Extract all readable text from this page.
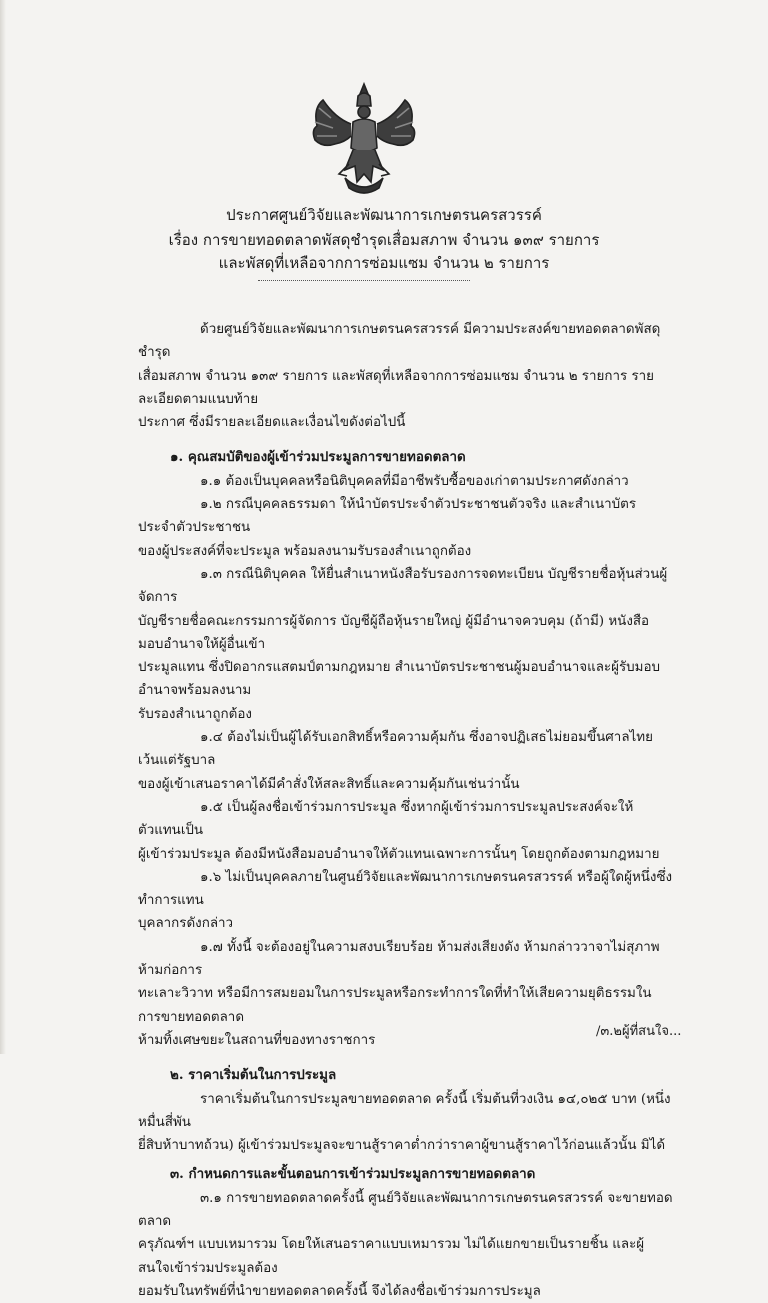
ประกาศศูนย์วิจัยและพัฒนาการเกษตรนครสวรรค์
เรื่อง การขายทอดตลาดพัสดุชำรุดเสื่อมสภาพ จำนวน ๑๓๙ รายการ
และพัสดุที่เหลือจากการซ่อมแซม จำนวน ๒ รายการ

ด้วยศูนย์วิจัยและพัฒนาการเกษตรนครสวรรค์ มีความประสงค์ขายทอดตลาดพัสดุชำรุด

เสื่อมสภาพ จำนวน ๑๓๙ รายการ และพัสดุที่เหลือจากการซ่อมแซม จำนวน ๒ รายการ รายละเอียดตามแนบท้าย

ประกาศ ซึ่งมีรายละเอียดและเงื่อนไขดังต่อไปนี้

๑. คุณสมบัติของผู้เข้าร่วมประมูลการขายทอดตลาด

๑.๑ ต้องเป็นบุคคลหรือนิติบุคคลที่มีอาชีพรับซื้อของเก่าตามประกาศดังกล่าว

๑.๒ กรณีบุคคลธรรมดา ให้นำบัตรประจำตัวประชาชนตัวจริง และสำเนาบัตรประจำตัวประชาชน

ของผู้ประสงค์ที่จะประมูล พร้อมลงนามรับรองสำเนาถูกต้อง

๑.๓ กรณีนิติบุคคล ให้ยื่นสำเนาหนังสือรับรองการจดทะเบียน บัญชีรายชื่อหุ้นส่วนผู้จัดการ

บัญชีรายชื่อคณะกรรมการผู้จัดการ บัญชีผู้ถือหุ้นรายใหญ่ ผู้มีอำนาจควบคุม (ถ้ามี) หนังสือมอบอำนาจให้ผู้อื่นเข้า

ประมูลแทน ซึ่งปิดอากรแสตมป์ตามกฎหมาย สำเนาบัตรประชาชนผู้มอบอำนาจและผู้รับมอบอำนาจพร้อมลงนาม

รับรองสำเนาถูกต้อง

๑.๔ ต้องไม่เป็นผู้ได้รับเอกสิทธิ์หรือความคุ้มกัน ซึ่งอาจปฏิเสธไม่ยอมขึ้นศาลไทย เว้นแต่รัฐบาล

ของผู้เข้าเสนอราคาได้มีคำสั่งให้สละสิทธิ์และความคุ้มกันเช่นว่านั้น

๑.๕ เป็นผู้ลงชื่อเข้าร่วมการประมูล ซึ่งหากผู้เข้าร่วมการประมูลประสงค์จะให้ตัวแทนเป็น

ผู้เข้าร่วมประมูล ต้องมีหนังสือมอบอำนาจให้ตัวแทนเฉพาะการนั้นๆ โดยถูกต้องตามกฎหมาย

๑.๖ ไม่เป็นบุคคลภายในศูนย์วิจัยและพัฒนาการเกษตรนครสวรรค์ หรือผู้ใดผู้หนึ่งซึ่งทำการแทน

บุคลากรดังกล่าว

๑.๗ ทั้งนี้ จะต้องอยู่ในความสงบเรียบร้อย ห้ามส่งเสียงดัง ห้ามกล่าววาจาไม่สุภาพ ห้ามก่อการ

ทะเลาะวิวาท หรือมีการสมยอมในการประมูลหรือกระทำการใดที่ทำให้เสียความยุติธรรมในการขายทอดตลาด

ห้ามทิ้งเศษขยะในสถานที่ของทางราชการ

๒. ราคาเริ่มต้นในการประมูล

ราคาเริ่มต้นในการประมูลขายทอดตลาด ครั้งนี้ เริ่มต้นที่วงเงิน ๑๔,๐๒๕ บาท (หนึ่งหมื่นสี่พัน

ยี่สิบห้าบาทถ้วน) ผู้เข้าร่วมประมูลจะขานสู้ราคาต่ำกว่าราคาผู้ขานสู้ราคาไว้ก่อนแล้วนั้น มิได้

๓. กำหนดการและขั้นตอนการเข้าร่วมประมูลการขายทอดตลาด

๓.๑ การขายทอดตลาดครั้งนี้ ศูนย์วิจัยและพัฒนาการเกษตรนครสวรรค์ จะขายทอดตลาด

ครุภัณฑ์ฯ แบบเหมารวม โดยให้เสนอราคาแบบเหมารวม ไม่ได้แยกขายเป็นรายชิ้น และผู้สนใจเข้าร่วมประมูลต้อง

ยอมรับในทรัพย์ที่นำขายทอดตลาดครั้งนี้ จึงได้ลงชื่อเข้าร่วมการประมูล

/๓.๒ผู้ที่สนใจ...
